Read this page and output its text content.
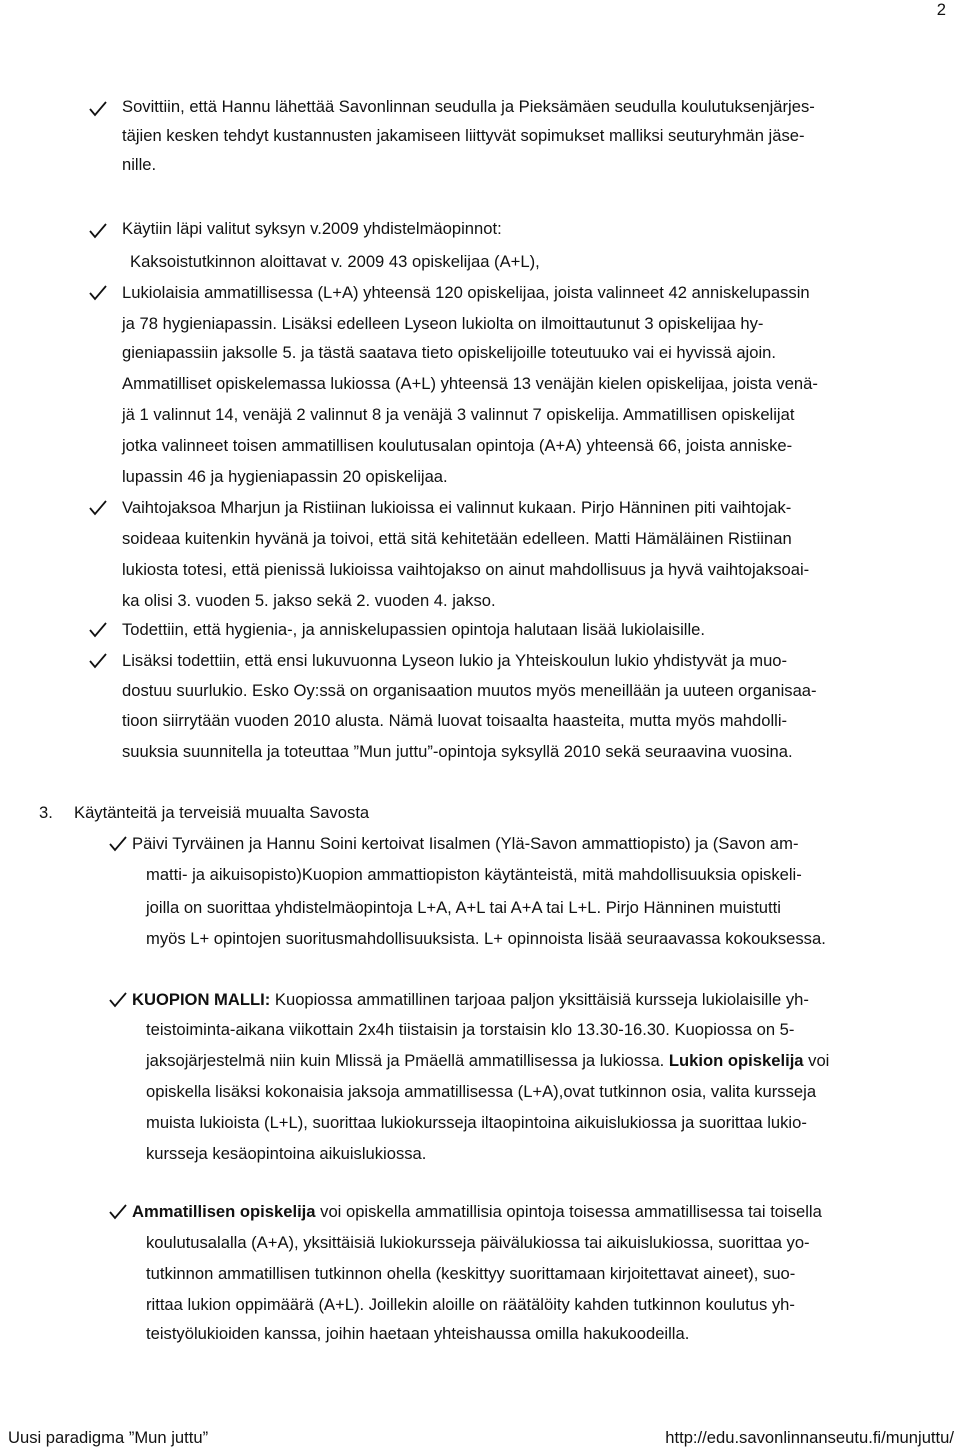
2
Sovittiin, että Hannu lähettää Savonlinnan seudulla ja Pieksämäen seudulla koulutuksenjärjes-
täjien kesken tehdyt kustannusten jakamiseen liittyvät sopimukset malliksi seuturyhmän jäse-
nille.
Käytiin läpi valitut syksyn v.2009 yhdistelmäopinnot:
Kaksoistutkinnon aloittavat v. 2009 43 opiskelijaa (A+L),
Lukiolaisia ammatillisessa (L+A) yhteensä 120 opiskelijaa, joista valinneet 42 anniskelupassin
ja 78 hygieniapassin. Lisäksi edelleen Lyseon lukiolta on ilmoittautunut 3 opiskelijaa hy-
gieniapassiin jaksolle 5. ja tästä saatava tieto opiskelijoille toteutuuko vai ei hyvissä ajoin.
Ammatilliset opiskelemassa lukiossa (A+L) yhteensä 13 venäjän kielen opiskelijaa, joista venä-
jä 1 valinnut 14, venäjä 2 valinnut 8 ja venäjä 3 valinnut 7 opiskelija. Ammatillisen opiskelijat
jotka valinneet toisen ammatillisen koulutusalan opintoja (A+A) yhteensä 66, joista anniske-
lupassin 46 ja hygieniapassin 20 opiskelijaa.
Vaihtojaksoa Mharjun ja Ristiinan lukioissa ei valinnut kukaan. Pirjo Hänninen piti vaihtojak-
soideaa kuitenkin hyvänä ja toivoi, että sitä kehitetään edelleen. Matti Hämäläinen Ristiinan
lukiosta totesi, että pienissä lukioissa vaihtojakso on ainut mahdollisuus ja hyvä vaihtojaksoai-
ka olisi 3. vuoden 5. jakso sekä 2. vuoden 4. jakso.
Todettiin, että hygienia-, ja anniskelupassien opintoja halutaan lisää lukiolaisille.
Lisäksi todettiin, että ensi lukuvuonna Lyseon lukio ja Yhteiskoulun lukio yhdistyvät ja muo-
dostuu suurlukio. Esko Oy:ssä on organisaation muutos myös meneillään ja uuteen organisaa-
tioon siirrytään vuoden 2010 alusta. Nämä luovat toisaalta haasteita, mutta myös mahdolli-
suuksia suunnitella ja toteuttaa ”Mun juttu”-opintoja syksyllä 2010 sekä seuraavina vuosina.
3. Käytänteitä ja terveisiä muualta Savosta
Päivi Tyrväinen ja Hannu Soini kertoivat Iisalmen (Ylä-Savon ammattiopisto) ja (Savon am-
matti- ja aikuisopisto)Kuopion ammattiopiston käytänteistä, mitä mahdollisuuksia opiskeli-
joilla on suorittaa yhdistelmäopintoja L+A, A+L tai A+A tai L+L. Pirjo Hänninen muistutti
myös L+ opintojen suoritusmahdollisuuksista. L+ opinnoista lisää seuraavassa kokouksessa.
KUOPION MALLI: Kuopiossa ammatillinen tarjoaa paljon yksittäisiä kursseja lukiolaisille yh-
teistoiminta-aikana viikottain 2x4h tiistaisin ja torstaisin klo 13.30-16.30. Kuopiossa on 5-
jaksojärjestelmä niin kuin Mlissä ja Pmäellä ammatillisessa ja lukiossa. Lukion opiskelija voi
opiskella lisäksi kokonaisia jaksoja ammatillisessa (L+A),ovat tutkinnon osia, valita kursseja
muista lukioista (L+L), suorittaa lukiokursseja iltaopintoina aikuislukiossa ja suorittaa lukio-
kursseja kesäopintoina aikuislukiossa.
Ammatillisen opiskelija voi opiskella ammatillisia opintoja toisessa ammatillisessa tai toisella
koulutusalalla (A+A), yksittäisiä lukiokursseja päivälukiossa tai aikuislukiossa, suorittaa yo-
tutkinnon ammatillisen tutkinnon ohella (keskittyy suorittamaan kirjoitettavat aineet), suo-
rittaa lukion oppimäärä (A+L). Joillekin aloille on räätälöity kahden tutkinnon koulutus yh-
teistyölukioiden kanssa, joihin haetaan yhteishaussa omilla hakukoodeilla.
Uusi paradigma ”Mun juttu”	http://edu.savonlinnanseutu.fi/munjuttu/
